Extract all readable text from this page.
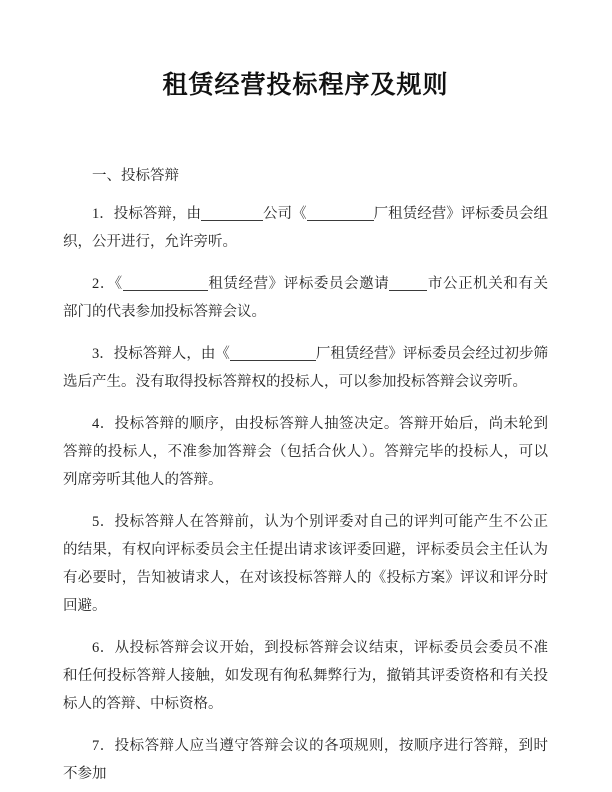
租赁经营投标程序及规则

一、投标答辩

1．投标答辩，由	公司《	厂租赁经营》评标委员会组织，公开进行，允许旁听。

2．《	租赁经营》评标委员会邀请	市公正机关和有关部门的代表参加投标答辩会议。

3．投标答辩人，由《	厂租赁经营》评标委员会经过初步筛选后产生。没有取得投标答辩权的投标人，可以参加投标答辩会议旁听。

4．投标答辩的顺序，由投标答辩人抽签决定。答辩开始后，尚未轮到答辩的投标人，不准参加答辩会（包括合伙人）。答辩完毕的投标人，可以列席旁听其他人的答辩。

5．投标答辩人在答辩前，认为个别评委对自己的评判可能产生不公正的结果，有权向评标委员会主任提出请求该评委回避，评标委员会主任认为有必要时，告知被请求人，在对该投标答辩人的《投标方案》评议和评分时回避。

6．从投标答辩会议开始，到投标答辩会议结束，评标委员会委员不准和任何投标答辩人接触，如发现有徇私舞弊行为，撤销其评委资格和有关投标人的答辩、中标资格。

7．投标答辩人应当遵守答辩会议的各项规则，按顺序进行答辩，到时不参加
